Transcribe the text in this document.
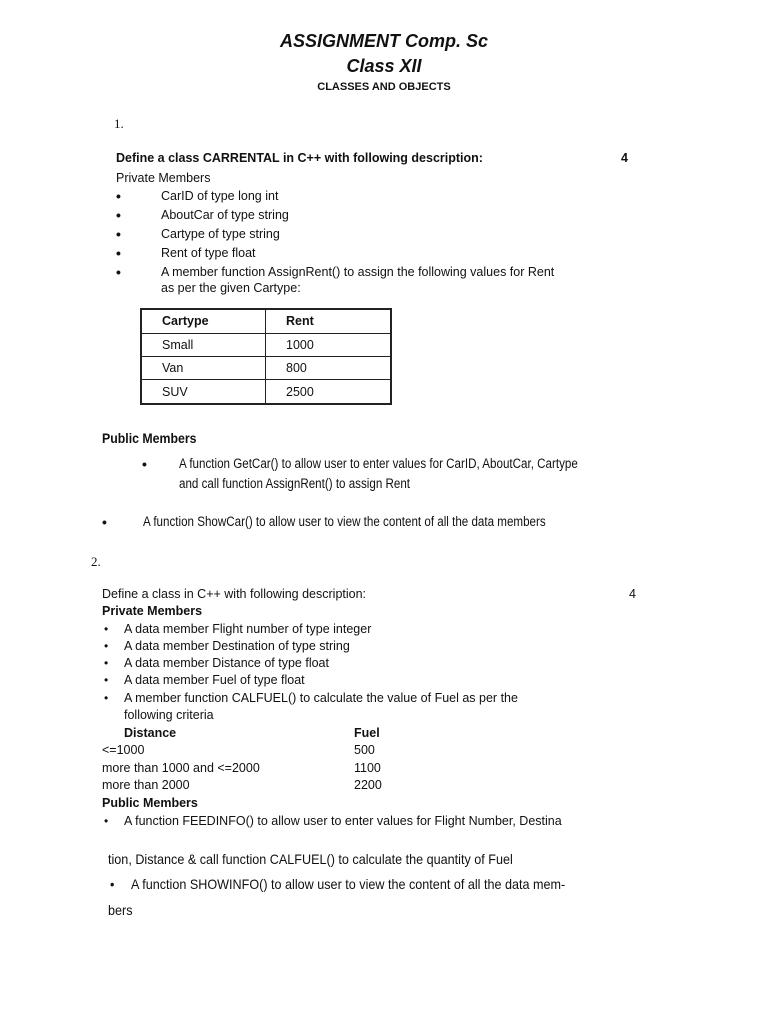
ASSIGNMENT Comp. Sc
Class XII
CLASSES AND OBJECTS
1.
Define a class CARRENTAL in C++ with following description:	4
Private Members
•	CarID of type long int
•	AboutCar of type string
•	Cartype of type string
•	Rent of type float
•	A member function AssignRent() to assign the following values for Rent
as per the given Cartype:
Cartype	Rent
Small	1000
Van	800
SUV	2500
Public Members
• A function GetCar() to allow user to enter values for CarID, AboutCar, Cartype
and call function AssignRent() to assign Rent
•	A function ShowCar() to allow user to view the content of all the data members
2.
Define a class in C++ with following description:	4
Private Members
• A data member Flight number of type integer
• A data member Destination of type string
• A data member Distance of type float
• A data member Fuel of type float
• A member function CALFUEL() to calculate the value of Fuel as per the
following criteria
Distance	Fuel
<=1000	500
more than 1000 and <=2000	1100
more than 2000	2200
Public Members
• A function FEEDINFO() to allow user to enter values for Flight Number, Destina
tion, Distance & call function CALFUEL() to calculate the quantity of Fuel
• A function SHOWINFO() to allow user to view the content of all the data mem-
bers
